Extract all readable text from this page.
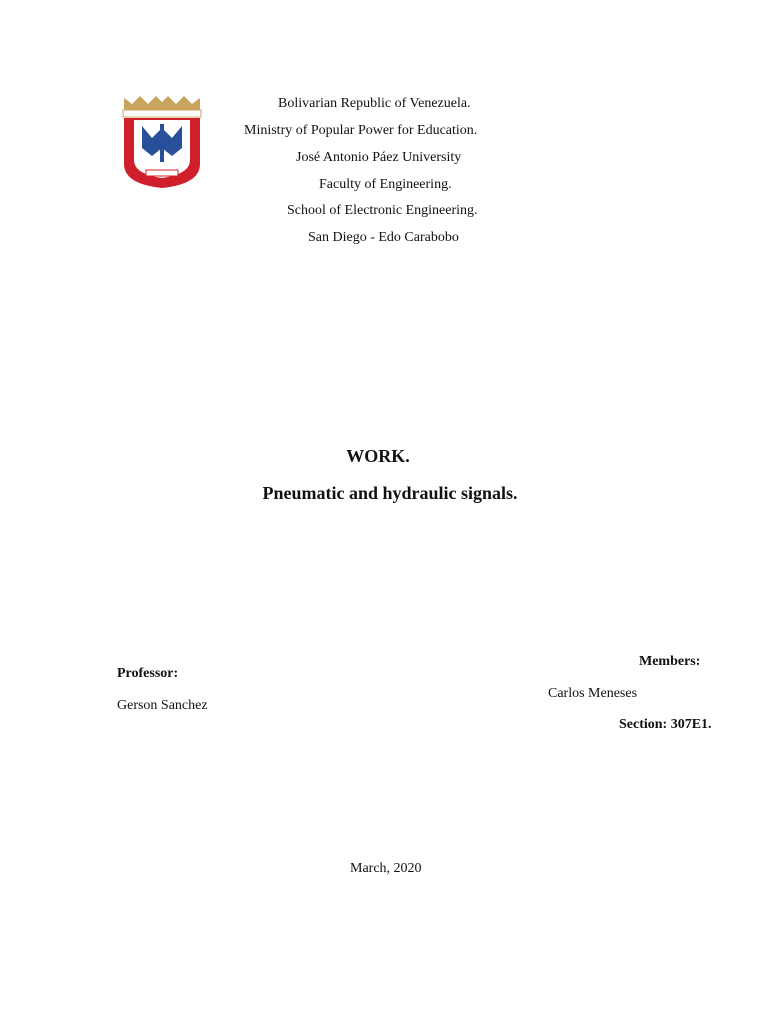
Bolivarian Republic of Venezuela.
Ministry of Popular Power for Education.
José Antonio Páez University
Faculty of Engineering.
School of Electronic Engineering.
San Diego - Edo Carabobo
WORK.
Pneumatic and hydraulic signals.
Members:
Professor:
Carlos Meneses
Gerson Sanchez
Section: 307E1.
March, 2020
